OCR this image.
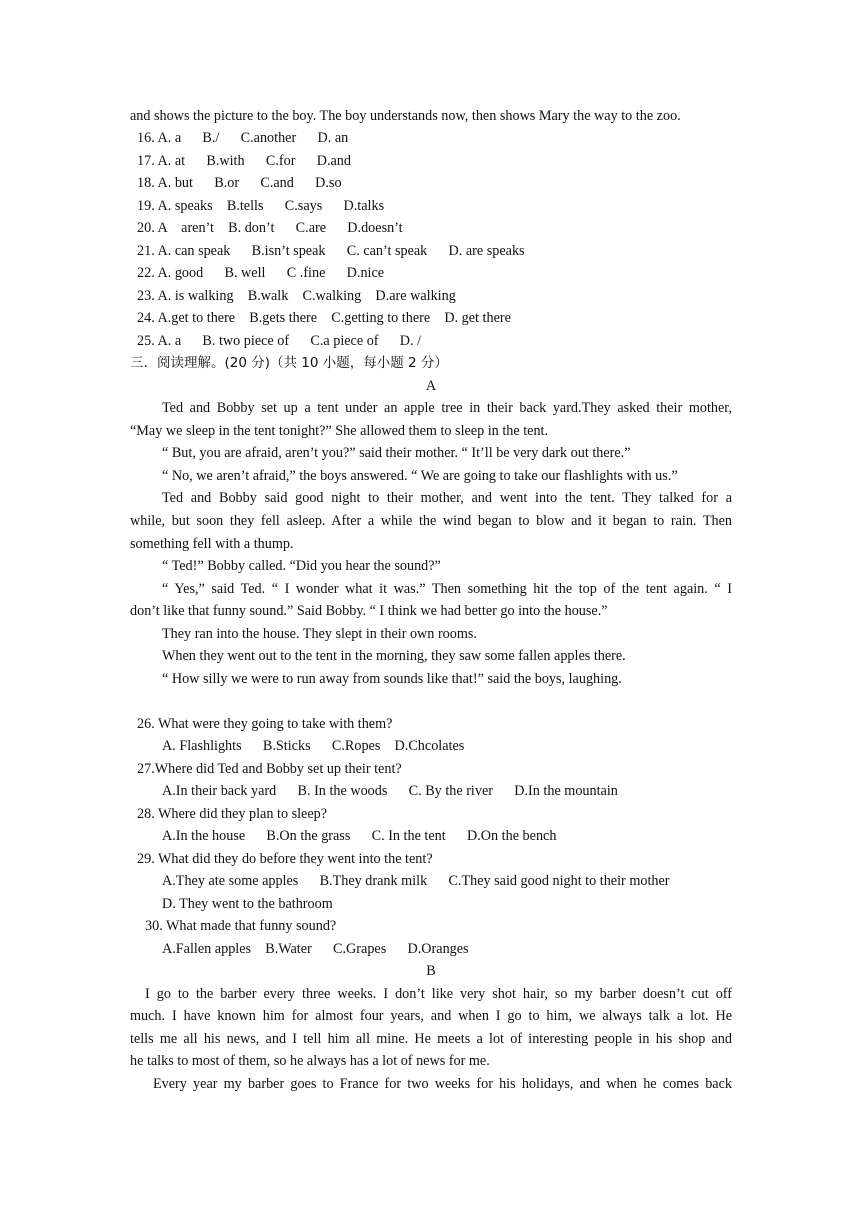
and shows the picture to the boy. The boy understands now, then shows Mary the way to the zoo.
16. A. a      B./      C.another      D. an
17. A. at      B.with      C.for      D.and
18. A. but      B.or      C.and      D.so
19. A. speaks    B.tells      C.says      D.talks
20. A    aren’t    B. don’t      C.are      D.doesn’t
21. A. can speak      B.isn’t speak      C. can’t speak      D. are speaks
22. A. good      B. well      C .fine      D.nice
23. A. is walking    B.walk    C.walking    D.are walking
24. A.get to there    B.gets there    C.getting to there    D. get there
25. A. a      B. two piece of      C.a piece of      D. /
三．阅读理解。(20 分)（共 10 小题，每小题 2 分）
A
Ted and Bobby set up a tent under an apple tree in their back yard.They asked their mother,
“May we sleep in the tent tonight?” She allowed them to sleep in the tent.
“ But, you are afraid, aren’t you?” said their mother. “ It’ll be very dark out there.”
“ No, we aren’t afraid,” the boys answered. “ We are going to take our flashlights with us.”
Ted and Bobby said good night to their mother, and went into the tent. They talked for a
while, but soon they fell asleep. After a while the wind began to blow and it began to rain. Then
something fell with a thump.
“ Ted!” Bobby called. “Did you hear the sound?”
“ Yes,” said Ted. “ I wonder what it was.” Then something hit the top of the tent again. “ I
don’t like that funny sound.” Said Bobby. “ I think we had better go into the house.”
They ran into the house. They slept in their own rooms.
When they went out to the tent in the morning, they saw some fallen apples there.
“ How silly we were to run away from sounds like that!” said the boys, laughing.
26. What were they going to take with them?
A. Flashlights      B.Sticks      C.Ropes    D.Chcolates
27.Where did Ted and Bobby set up their tent?
A.In their back yard      B. In the woods      C. By the river      D.In the mountain
28. Where did they plan to sleep?
A.In the house      B.On the grass      C. In the tent      D.On the bench
29. What did they do before they went into the tent?
A.They ate some apples      B.They drank milk      C.They said good night to their mother
D. They went to the bathroom
30. What made that funny sound?
A.Fallen apples    B.Water      C.Grapes      D.Oranges
B
I go to the barber every three weeks. I don’t like very shot hair, so my barber doesn’t cut off
much. I have known him for almost four years, and when I go to him, we always talk a lot. He
tells me all his news, and I tell him all mine. He meets a lot of interesting people in his shop and
he talks to most of them, so he always has a lot of news for me.
Every year my barber goes to France for two weeks for his holidays, and when he comes back
